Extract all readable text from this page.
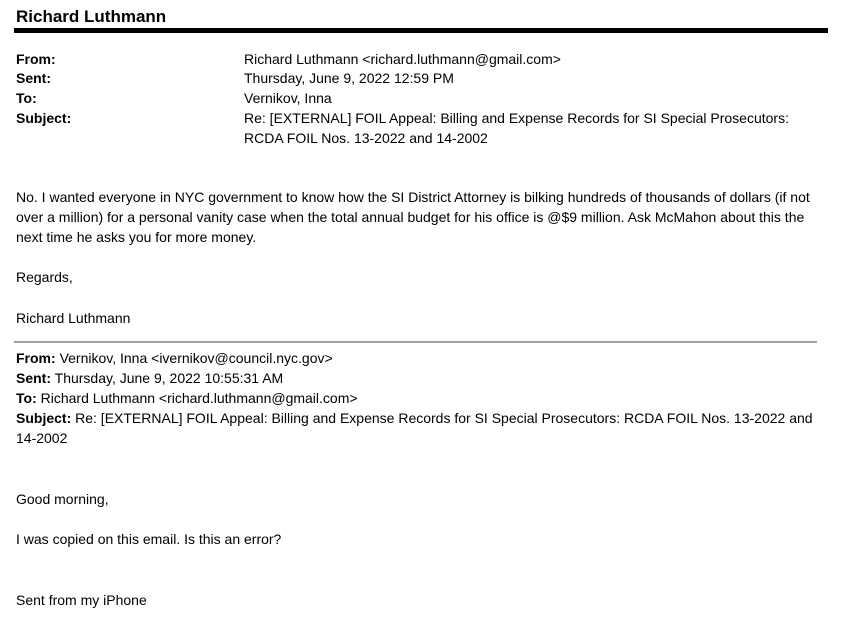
Richard Luthmann
From:	Richard Luthmann <richard.luthmann@gmail.com>
Sent:	Thursday, June 9, 2022 12:59 PM
To:	Vernikov, Inna
Subject:	Re: [EXTERNAL] FOIL Appeal: Billing and Expense Records for SI Special Prosecutors: RCDA FOIL Nos. 13-2022 and 14-2002
No. I wanted everyone in NYC government to know how the SI District Attorney is bilking hundreds of thousands of dollars (if not over a million) for a personal vanity case when the total annual budget for his office is @$9 million. Ask McMahon about this the next time he asks you for more money.
Regards,
Richard Luthmann
From: Vernikov, Inna <ivernikov@council.nyc.gov>
Sent: Thursday, June 9, 2022 10:55:31 AM
To: Richard Luthmann <richard.luthmann@gmail.com>
Subject: Re: [EXTERNAL] FOIL Appeal: Billing and Expense Records for SI Special Prosecutors: RCDA FOIL Nos. 13-2022 and 14-2002
Good morning,
I was copied on this email. Is this an error?
Sent from my iPhone
